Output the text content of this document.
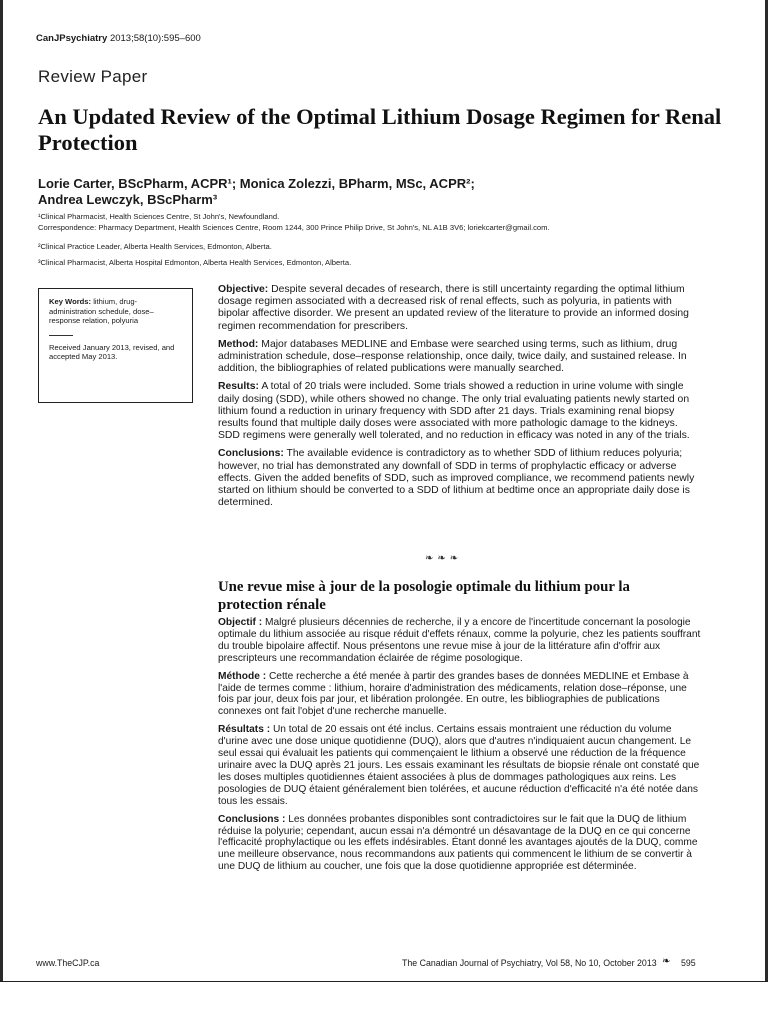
CanJPsychiatry 2013;58(10):595–600
Review Paper
An Updated Review of the Optimal Lithium Dosage Regimen for Renal Protection
Lorie Carter, BScPharm, ACPR¹; Monica Zolezzi, BPharm, MSc, ACPR²;
Andrea Lewczyk, BScPharm³
¹Clinical Pharmacist, Health Sciences Centre, St John's, Newfoundland.
Correspondence: Pharmacy Department, Health Sciences Centre, Room 1244, 300 Prince Philip Drive, St John's, NL A1B 3V6; loriekcarter@gmail.com.
²Clinical Practice Leader, Alberta Health Services, Edmonton, Alberta.
³Clinical Pharmacist, Alberta Hospital Edmonton, Alberta Health Services, Edmonton, Alberta.
Key Words: lithium, drug-administration schedule, dose–response relation, polyuria
Received January 2013, revised, and accepted May 2013.

Objective: Despite several decades of research, there is still uncertainty regarding the optimal lithium dosage regimen associated with a decreased risk of renal effects, such as polyuria, in patients with bipolar affective disorder. We present an updated review of the literature to provide an informed dosing regimen recommendation for prescribers.

Method: Major databases MEDLINE and Embase were searched using terms, such as lithium, drug administration schedule, dose–response relationship, once daily, twice daily, and sustained release. In addition, the bibliographies of related publications were manually searched.

Results: A total of 20 trials were included. Some trials showed a reduction in urine volume with single daily dosing (SDD), while others showed no change. The only trial evaluating patients newly started on lithium found a reduction in urinary frequency with SDD after 21 days. Trials examining renal biopsy results found that multiple daily doses were associated with more pathologic damage to the kidneys. SDD regimens were generally well tolerated, and no reduction in efficacy was noted in any of the trials.

Conclusions: The available evidence is contradictory as to whether SDD of lithium reduces polyuria; however, no trial has demonstrated any downfall of SDD in terms of prophylactic efficacy or adverse effects. Given the added benefits of SDD, such as improved compliance, we recommend patients newly started on lithium should be converted to a SDD of lithium at bedtime once an appropriate daily dose is determined.

❧❧❧
Une revue mise à jour de la posologie optimale du lithium pour la protection rénale

Objectif : Malgré plusieurs décennies de recherche, il y a encore de l'incertitude concernant la posologie optimale du lithium associée au risque réduit d'effets rénaux, comme la polyurie, chez les patients souffrant du trouble bipolaire affectif. Nous présentons une revue mise à jour de la littérature afin d'offrir aux prescripteurs une recommandation éclairée de régime posologique.

Méthode : Cette recherche a été menée à partir des grandes bases de données MEDLINE et Embase à l'aide de termes comme : lithium, horaire d'administration des médicaments, relation dose–réponse, une fois par jour, deux fois par jour, et libération prolongée. En outre, les bibliographies de publications connexes ont fait l'objet d'une recherche manuelle.

Résultats : Un total de 20 essais ont été inclus. Certains essais montraient une réduction du volume d'urine avec une dose unique quotidienne (DUQ), alors que d'autres n'indiquaient aucun changement. Le seul essai qui évaluait les patients qui commençaient le lithium a observé une réduction de la fréquence urinaire avec la DUQ après 21 jours. Les essais examinant les résultats de biopsie rénale ont constaté que les doses multiples quotidiennes étaient associées à plus de dommages pathologiques aux reins. Les posologies de DUQ étaient généralement bien tolérées, et aucune réduction d'efficacité n'a été notée dans tous les essais.

Conclusions : Les données probantes disponibles sont contradictoires sur le fait que la DUQ de lithium réduise la polyurie; cependant, aucun essai n'a démontré un désavantage de la DUQ en ce qui concerne l'efficacité prophylactique ou les effets indésirables. Étant donné les avantages ajoutés de la DUQ, comme une meilleure observance, nous recommandons aux patients qui commencent le lithium de se convertir à une DUQ de lithium au coucher, une fois que la dose quotidienne appropriée est déterminée.

www.TheCJP.ca	The Canadian Journal of Psychiatry, Vol 58, No 10, October 2013 ❧ 595
